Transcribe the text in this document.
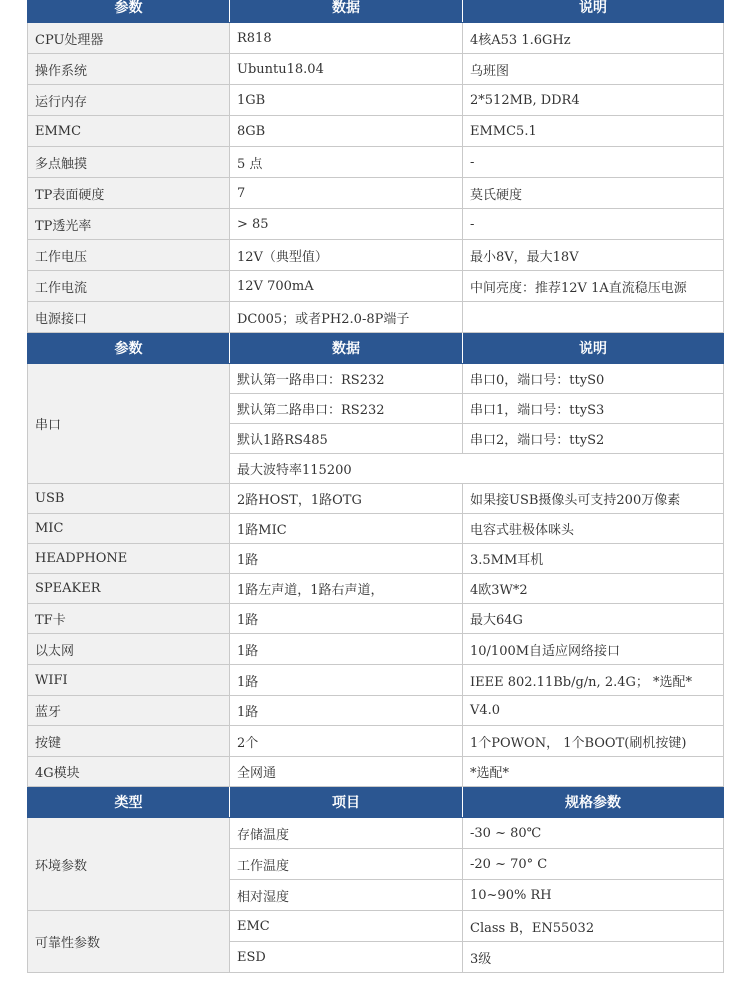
参数	数据	说明
CPU处理器	R818	4核A53 1.6GHz
操作系统	Ubuntu18.04	乌班图
运行内存	1GB	2*512MB, DDR4
EMMC	8GB	EMMC5.1
多点触摸	5 点	-
TP表面硬度	7	莫氏硬度
TP透光率	> 85	-
工作电压	12V（典型值）	最小8V，最大18V
工作电流	12V 700mA	中间亮度：推荐12V 1A直流稳压电源
电源接口	DC005；或者PH2.0-8P端子	
参数	数据	说明
串口	默认第一路串口：RS232	串口0，端口号：ttyS0
	默认第二路串口：RS232	串口1，端口号：ttyS3
	默认1路RS485	串口2，端口号：ttyS2
	最大波特率115200	
USB	2路HOST，1路OTG	如果接USB摄像头可支持200万像素
MIC	1路MIC	电容式驻极体咪头
HEADPHONE	1路	3.5MM耳机
SPEAKER	1路左声道，1路右声道，	4欧3W*2
TF卡	1路	最大64G
以太网	1路	10/100M自适应网络接口
WIFI	1路	IEEE 802.11Bb/g/n, 2.4G； *选配*
蓝牙	1路	V4.0
按键	2个	1个POWON， 1个BOOT(刷机按键)
4G模块	全网通	*选配*
类型	项目	规格参数
环境参数	存储温度	-30 ~ 80℃
	工作温度	-20 ~ 70° C
	相对湿度	10~90% RH
可靠性参数	EMC	Class B，EN55032
	ESD	3级
